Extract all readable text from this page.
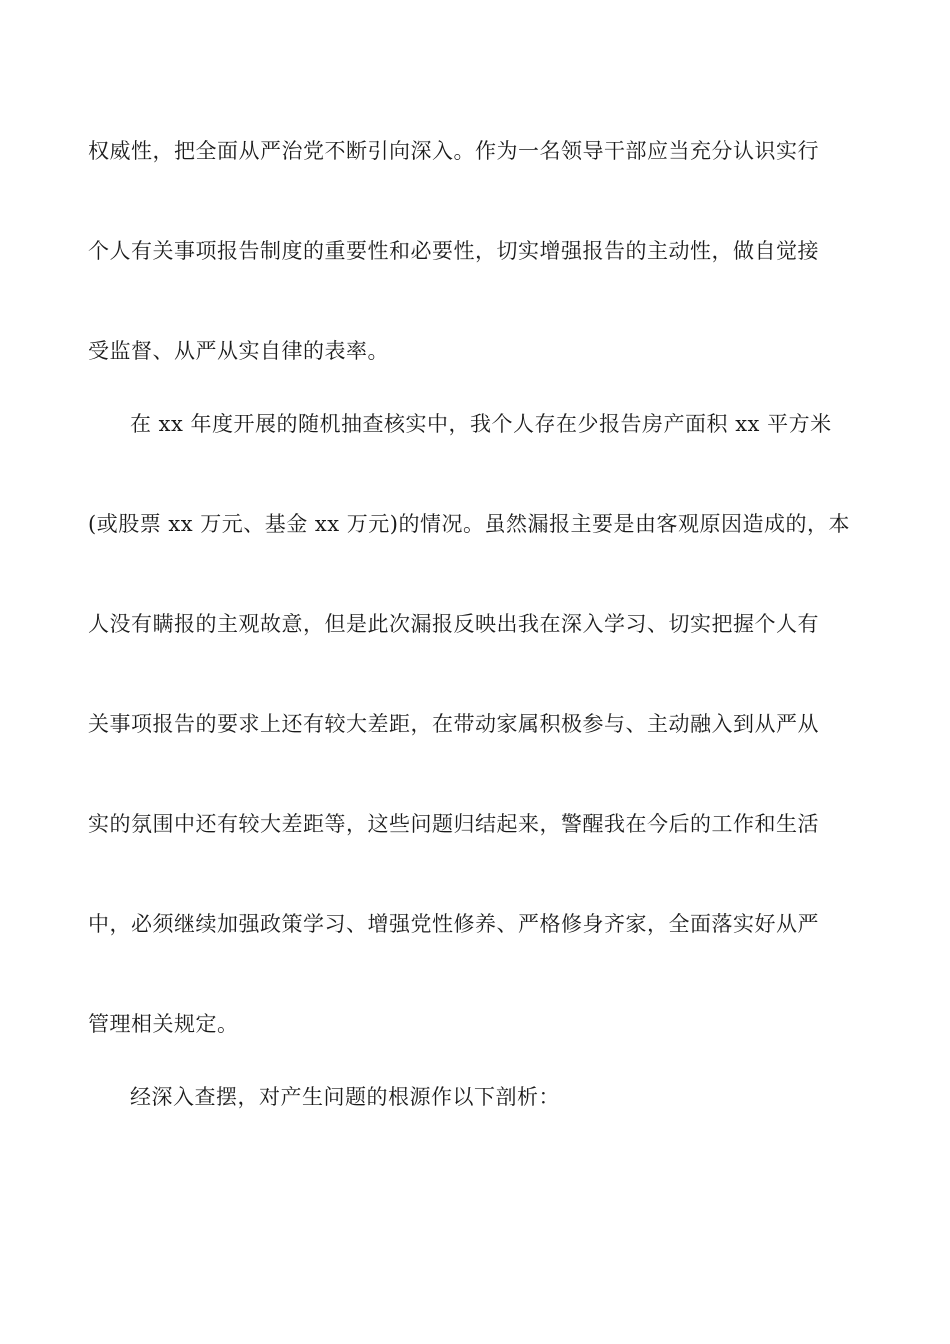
权威性，把全面从严治党不断引向深入。作为一名领导干部应当充分认识实行
个人有关事项报告制度的重要性和必要性，切实增强报告的主动性，做自觉接
受监督、从严从实自律的表率。
在 xx 年度开展的随机抽查核实中，我个人存在少报告房产面积 xx 平方米
(或股票 xx 万元、基金 xx 万元)的情况。虽然漏报主要是由客观原因造成的，本
人没有瞒报的主观故意，但是此次漏报反映出我在深入学习、切实把握个人有
关事项报告的要求上还有较大差距，在带动家属积极参与、主动融入到从严从
实的氛围中还有较大差距等，这些问题归结起来，警醒我在今后的工作和生活
中，必须继续加强政策学习、增强党性修养、严格修身齐家，全面落实好从严
管理相关规定。
经深入查摆，对产生问题的根源作以下剖析：
